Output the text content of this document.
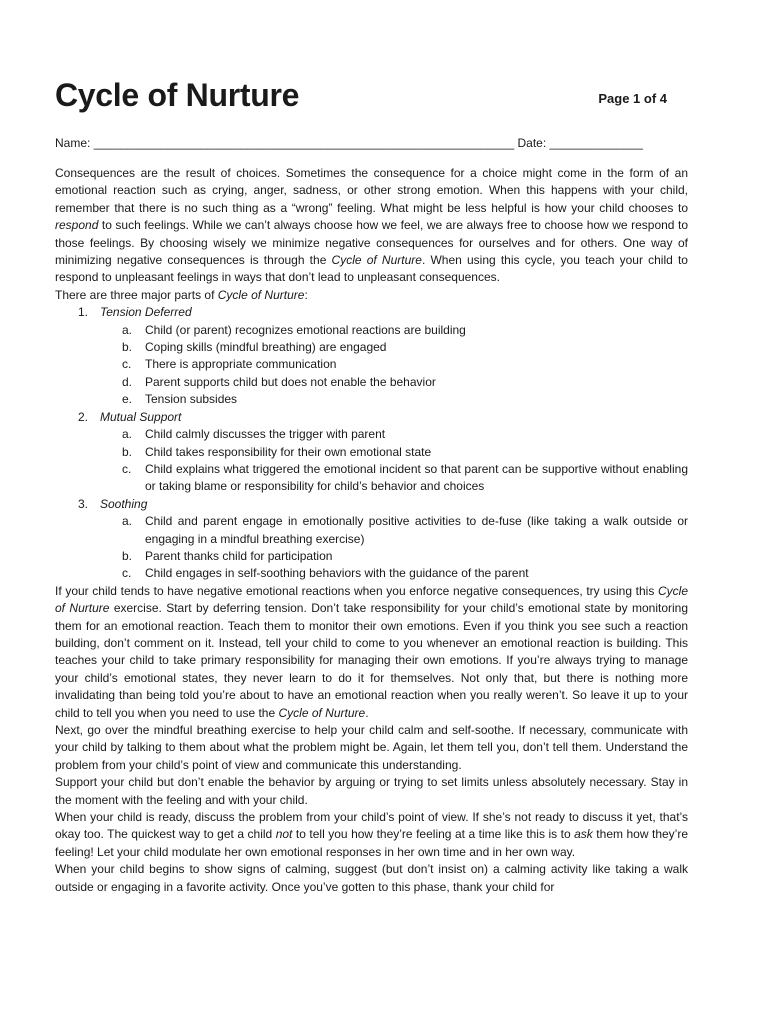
Cycle of Nurture	Page 1 of 4
Name: _______________________________________________________________ Date: ______________

Consequences are the result of choices. Sometimes the consequence for a choice might come in the form of an emotional reaction such as crying, anger, sadness, or other strong emotion. When this happens with your child, remember that there is no such thing as a “wrong” feeling. What might be less helpful is how your child chooses to respond to such feelings. While we can’t always choose how we feel, we are always free to choose how we respond to those feelings. By choosing wisely we minimize negative consequences for ourselves and for others. One way of minimizing negative consequences is through the Cycle of Nurture. When using this cycle, you teach your child to respond to unpleasant feelings in ways that don’t lead to unpleasant consequences.

There are three major parts of Cycle of Nurture:

1. Tension Deferred
a. Child (or parent) recognizes emotional reactions are building
b. Coping skills (mindful breathing) are engaged
c. There is appropriate communication
d. Parent supports child but does not enable the behavior
e. Tension subsides
2. Mutual Support
a. Child calmly discusses the trigger with parent
b. Child takes responsibility for their own emotional state
c. Child explains what triggered the emotional incident so that parent can be supportive without enabling or taking blame or responsibility for child’s behavior and choices
3. Soothing
a. Child and parent engage in emotionally positive activities to de-fuse (like taking a walk outside or engaging in a mindful breathing exercise)
b. Parent thanks child for participation
c. Child engages in self-soothing behaviors with the guidance of the parent

If your child tends to have negative emotional reactions when you enforce negative consequences, try using this Cycle of Nurture exercise. Start by deferring tension. Don’t take responsibility for your child’s emotional state by monitoring them for an emotional reaction. Teach them to monitor their own emotions. Even if you think you see such a reaction building, don’t comment on it. Instead, tell your child to come to you whenever an emotional reaction is building. This teaches your child to take primary responsibility for managing their own emotions. If you’re always trying to manage your child’s emotional states, they never learn to do it for themselves. Not only that, but there is nothing more invalidating than being told you’re about to have an emotional reaction when you really weren’t. So leave it up to your child to tell you when you need to use the Cycle of Nurture.

Next, go over the mindful breathing exercise to help your child calm and self-soothe. If necessary, communicate with your child by talking to them about what the problem might be. Again, let them tell you, don’t tell them. Understand the problem from your child’s point of view and communicate this understanding.

Support your child but don’t enable the behavior by arguing or trying to set limits unless absolutely necessary. Stay in the moment with the feeling and with your child.

When your child is ready, discuss the problem from your child’s point of view. If she’s not ready to discuss it yet, that’s okay too. The quickest way to get a child not to tell you how they’re feeling at a time like this is to ask them how they’re feeling! Let your child modulate her own emotional responses in her own time and in her own way.

When your child begins to show signs of calming, suggest (but don’t insist on) a calming activity like taking a walk outside or engaging in a favorite activity. Once you’ve gotten to this phase, thank your child for
